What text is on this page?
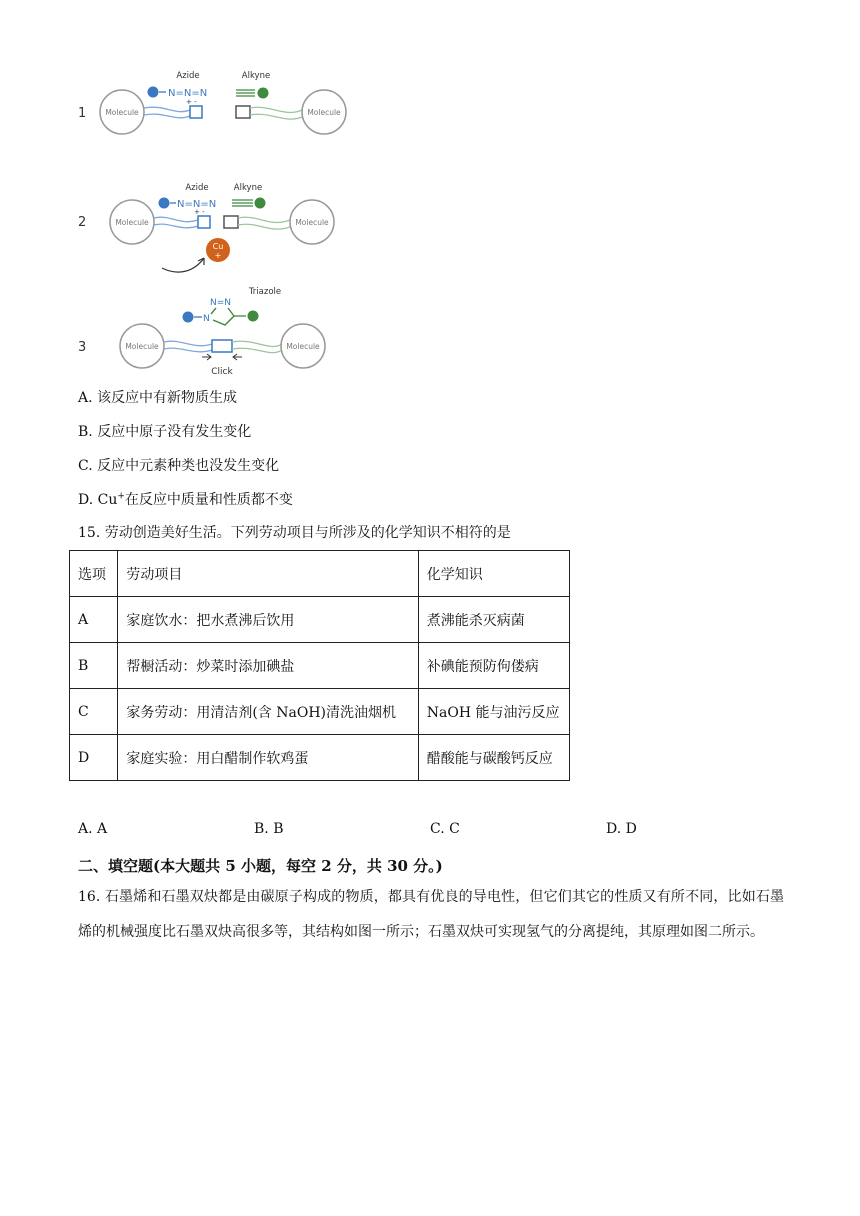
1	Molecule
N=N=N
+ -
Azide	Alkyne
Molecule
2	Molecule
N=N=N
+ -
Azide	Alkyne
Molecule
Cu
+
3
Triazole
N=N
N
Molecule	Molecule
Click
A. 该反应中有新物质生成
B. 反应中原子没有发生变化
C. 反应中元素种类也没发生变化
D. Cu+在反应中质量和性质都不变
15. 劳动创造美好生活。下列劳动项目与所涉及的化学知识不相符的是
选项	劳动项目	化学知识
A	家庭饮水：把水煮沸后饮用	煮沸能杀灭病菌
B	帮橱活动：炒菜时添加碘盐	补碘能预防佝偻病
C	家务劳动：用清洁剂(含 NaOH)清洗油烟机	NaOH 能与油污反应
D	家庭实验：用白醋制作软鸡蛋	醋酸能与碳酸钙反应
A. A	B. B	C. C	D. D
二、填空题(本大题共 5 小题，每空 2 分，共 30 分。)
16. 石墨烯和石墨双炔都是由碳原子构成的物质，都具有优良的导电性，但它们其它的性质又有所不同，比如石墨烯的机械强度比石墨双炔高很多等，其结构如图一所示；石墨双炔可实现氢气的分离提纯，其原理如图二所示。
